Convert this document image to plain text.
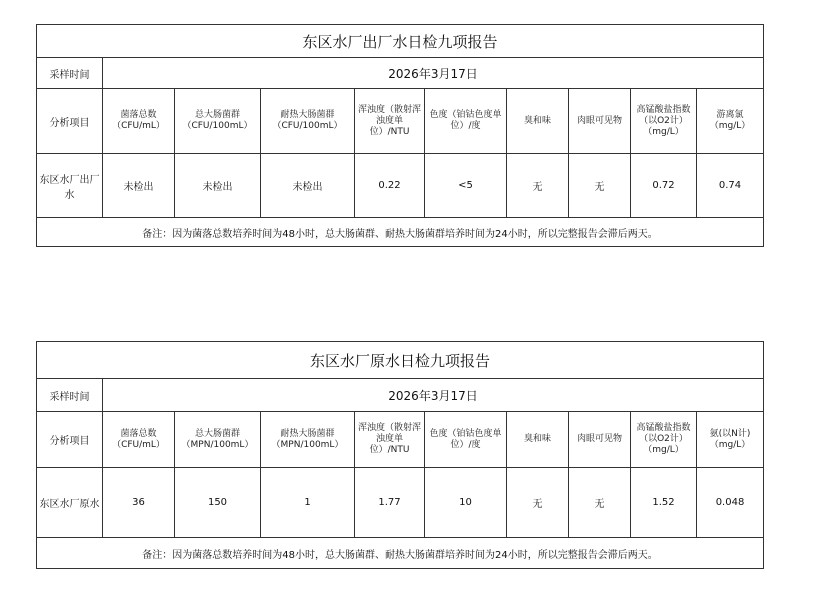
东区水厂出厂水日检九项报告									
采样时间	2026年3月17日								
分析项目	菌落总数（CFU/mL）	总大肠菌群（CFU/100mL）	耐热大肠菌群（CFU/100mL）	浑浊度（散射浑浊度单位）/NTU	色度（铂钴色度单位）/度	臭和味	肉眼可见物	高锰酸盐指数（以O2计）（mg/L）	游离氯（mg/L）
东区水厂出厂水	未检出	未检出	未检出	0.22	<5	无	无	0.72	0.74
备注：因为菌落总数培养时间为48小时，总大肠菌群、耐热大肠菌群培养时间为24小时，所以完整报告会滞后两天。									
东区水厂原水日检九项报告									
采样时间	2026年3月17日								
分析项目	菌落总数（CFU/mL）	总大肠菌群（MPN/100mL）	耐热大肠菌群（MPN/100mL）	浑浊度（散射浑浊度单位）/NTU	色度（铂钴色度单位）/度	臭和味	肉眼可见物	高锰酸盐指数（以O2计）（mg/L）	氨(以N计)（mg/L）
东区水厂原水	36	150	1	1.77	10	无	无	1.52	0.048
备注：因为菌落总数培养时间为48小时，总大肠菌群、耐热大肠菌群培养时间为24小时，所以完整报告会滞后两天。									
